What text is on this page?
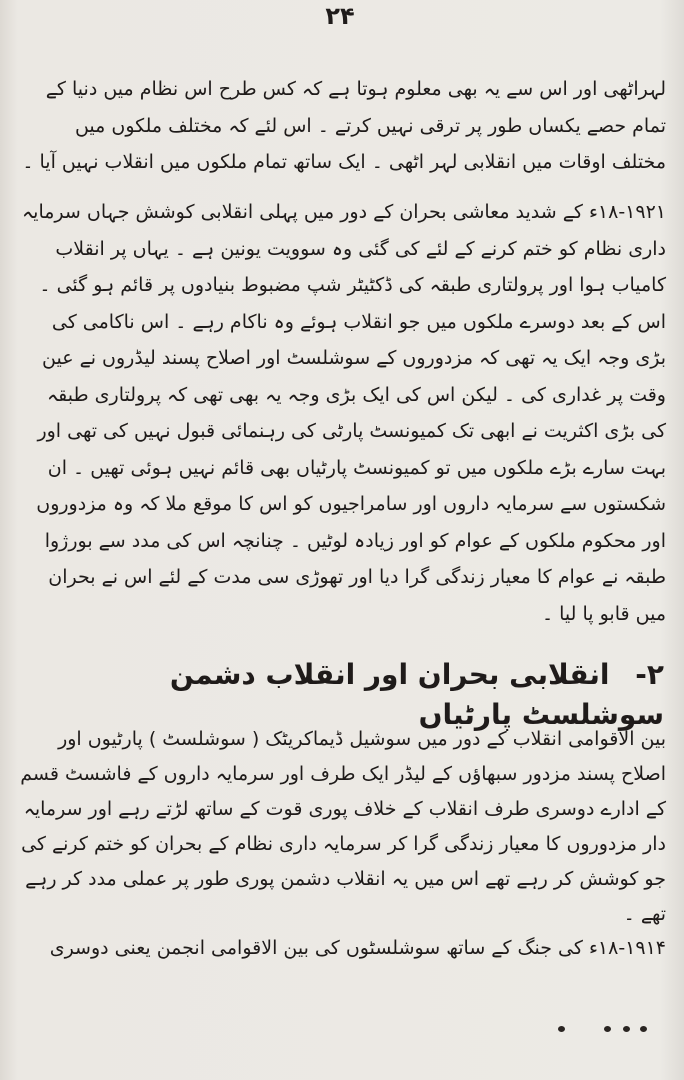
۲۴

لہراٹھی اور اس سے یہ بھی معلوم ہوتا ہے کہ کس طرح اس نظام میں دنیا کے تمام حصے یکساں طور پر ترقی نہیں کرتے ۔ اس لئے کہ مختلف ملکوں میں مختلف اوقات میں انقلابی لہر اٹھی ۔ ایک ساتھ تمام ملکوں میں انقلاب نہیں آیا ۔

۱۸-۱۹۲۱ء کے شدید معاشی بحران کے دور میں پہلی انقلابی کوشش جہاں سرمایہ داری نظام کو ختم کرنے کے لئے کی گئی وہ سوویت یونین ہے ۔ یہاں پر انقلاب کامیاب ہوا اور پرولتاری طبقہ کی ڈکٹیٹر شپ مضبوط بنیادوں پر قائم ہو گئی ۔ اس کے بعد دوسرے ملکوں میں جو انقلاب ہوئے وہ ناکام رہے ۔ اس ناکامی کی بڑی وجہ ایک یہ تھی کہ مزدوروں کے سوشلسٹ اور اصلاح پسند لیڈروں نے عین وقت پر غداری کی ۔ لیکن اس کی ایک بڑی وجہ یہ بھی تھی کہ پرولتاری طبقہ کی بڑی اکثریت نے ابھی تک کمیونسٹ پارٹی کی رہنمائی قبول نہیں کی تھی اور بہت سارے بڑے ملکوں میں تو کمیونسٹ پارٹیاں بھی قائم نہیں ہوئی تھیں ۔ ان شکستوں سے سرمایہ داروں اور سامراجیوں کو اس کا موقع ملا کہ وہ مزدوروں اور محکوم ملکوں کے عوام کو اور زیادہ لوٹیں ۔ چنانچہ اس کی مدد سے بورژوا طبقہ نے عوام کا معیار زندگی گرا دیا اور تھوڑی سی مدت کے لئے اس نے بحران میں قابو پا لیا ۔

۲- انقلابی بحران اور انقلاب دشمن سوشلسٹ پارٹیاں

بین الاقوامی انقلاب کے دور میں سوشیل ڈیماکریٹک ( سوشلسٹ ) پارٹیوں اور اصلاح پسند مزدور سبھاؤں کے لیڈر ایک طرف اور سرمایہ داروں کے فاشسٹ قسم کے ادارے دوسری طرف انقلاب کے خلاف پوری قوت کے ساتھ لڑتے رہے اور سرمایہ دار مزدوروں کا معیار زندگی گرا کر سرمایہ داری نظام کے بحران کو ختم کرنے کی جو کوشش کر رہے تھے اس میں یہ انقلاب دشمن پوری طور پر عملی مدد کر رہے تھے ۔

۱۸-۱۹۱۴ء کی جنگ کے ساتھ سوشلسٹوں کی بین الاقوامی انجمن یعنی دوسری
